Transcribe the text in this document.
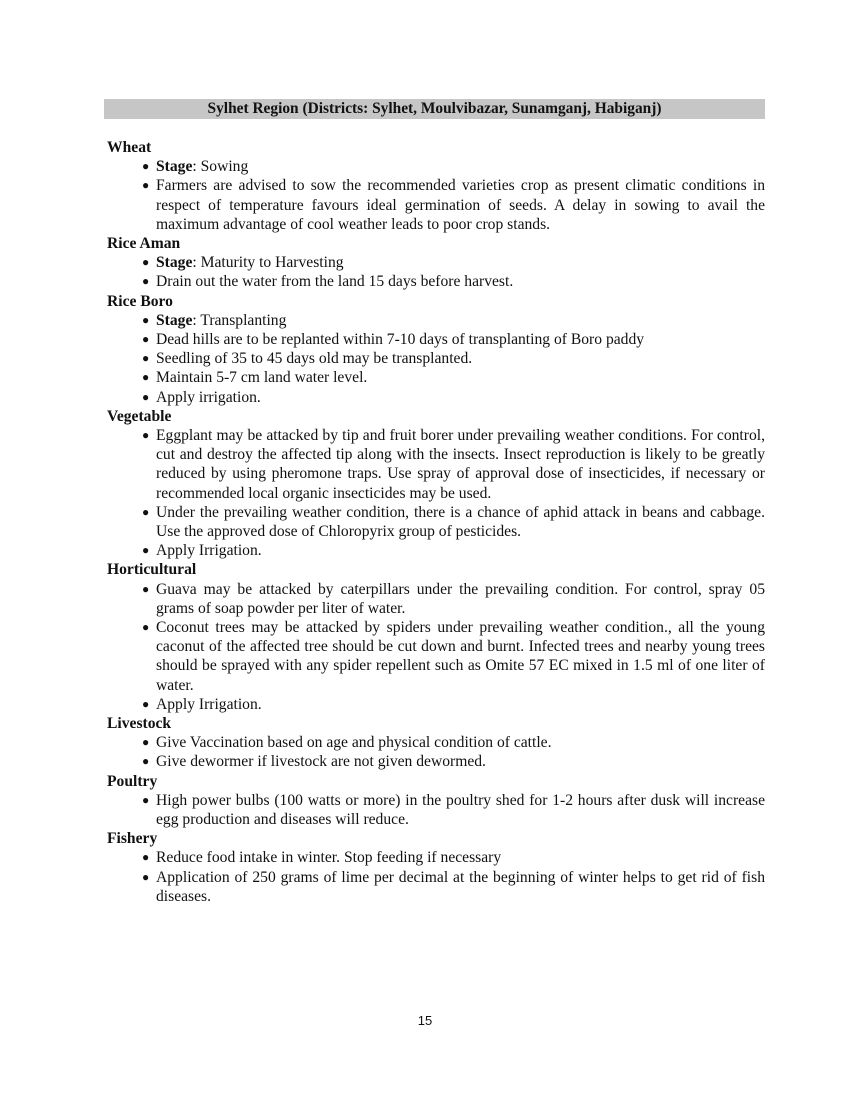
Sylhet Region (Districts: Sylhet, Moulvibazar, Sunamganj, Habiganj)
Wheat
● Stage: Sowing
● Farmers are advised to sow the recommended varieties crop as present climatic conditions in respect of temperature favours ideal germination of seeds. A delay in sowing to avail the maximum advantage of cool weather leads to poor crop stands.
Rice Aman
● Stage: Maturity to Harvesting
● Drain out the water from the land 15 days before harvest.
Rice Boro
● Stage: Transplanting
● Dead hills are to be replanted within 7-10 days of transplanting of Boro paddy
● Seedling of 35 to 45 days old may be transplanted.
● Maintain 5-7 cm land water level.
● Apply irrigation.
Vegetable
● Eggplant may be attacked by tip and fruit borer under prevailing weather conditions. For control, cut and destroy the affected tip along with the insects. Insect reproduction is likely to be greatly reduced by using pheromone traps. Use spray of approval dose of insecticides, if necessary or recommended local organic insecticides may be used.
● Under the prevailing weather condition, there is a chance of aphid attack in beans and cabbage. Use the approved dose of Chloropyrix group of pesticides.
● Apply Irrigation.
Horticultural
● Guava may be attacked by caterpillars under the prevailing condition. For control, spray 05 grams of soap powder per liter of water.
● Coconut trees may be attacked by spiders under prevailing weather condition., all the young caconut of the affected tree should be cut down and burnt. Infected trees and nearby young trees should be sprayed with any spider repellent such as Omite 57 EC mixed in 1.5 ml of one liter of water.
● Apply Irrigation.
Livestock
● Give Vaccination based on age and physical condition of cattle.
● Give dewormer if livestock are not given dewormed.
Poultry
● High power bulbs (100 watts or more) in the poultry shed for 1-2 hours after dusk will increase egg production and diseases will reduce.
Fishery
● Reduce food intake in winter. Stop feeding if necessary
● Application of 250 grams of lime per decimal at the beginning of winter helps to get rid of fish diseases.
15
